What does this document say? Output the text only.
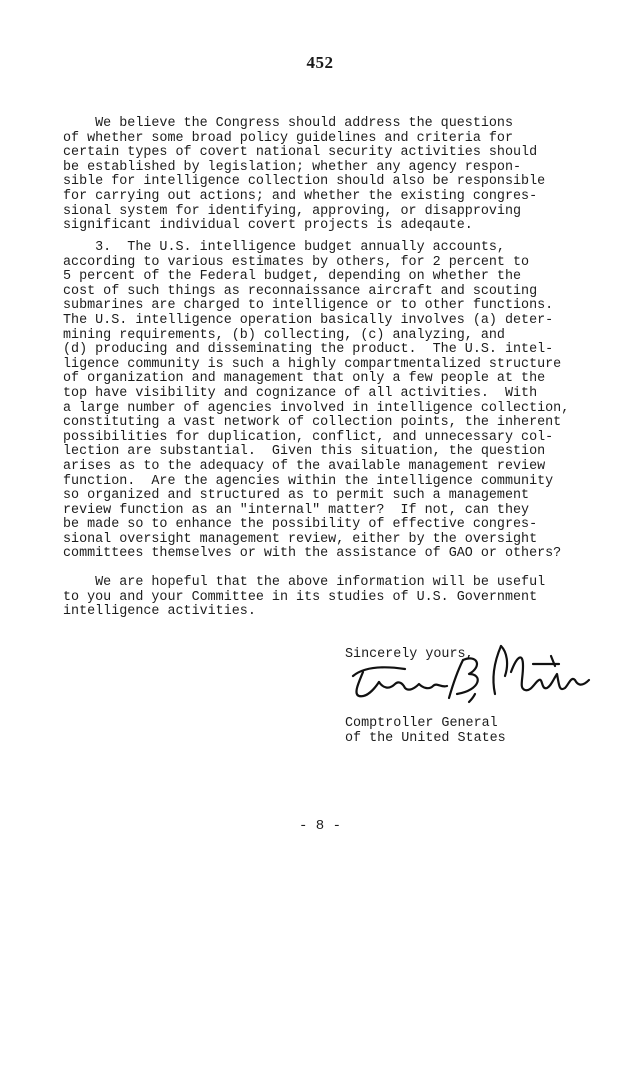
452

We believe the Congress should address the questions
of whether some broad policy guidelines and criteria for
certain types of covert national security activities should
be established by legislation; whether any agency respon-
sible for intelligence collection should also be responsible
for carrying out actions; and whether the existing congres-
sional system for identifying, approving, or disapproving
significant individual covert projects is adeqaute.

3.  The U.S. intelligence budget annually accounts,
according to various estimates by others, for 2 percent to
5 percent of the Federal budget, depending on whether the
cost of such things as reconnaissance aircraft and scouting
submarines are charged to intelligence or to other functions.
The U.S. intelligence operation basically involves (a) deter-
mining requirements, (b) collecting, (c) analyzing, and
(d) producing and disseminating the product.  The U.S. intel-
ligence community is such a highly compartmentalized structure
of organization and management that only a few people at the
top have visibility and cognizance of all activities.  With
a large number of agencies involved in intelligence collection,
constituting a vast network of collection points, the inherent
possibilities for duplication, conflict, and unnecessary col-
lection are substantial.  Given this situation, the question
arises as to the adequacy of the available management review
function.  Are the agencies within the intelligence community
so organized and structured as to permit such a management
review function as an "internal" matter?  If not, can they
be made so to enhance the possibility of effective congres-
sional oversight management review, either by the oversight
committees themselves or with the assistance of GAO or others?

We are hopeful that the above information will be useful
to you and your Committee in its studies of U.S. Government
intelligence activities.

Sincerely yours,
Comptroller General
of the United States
- 8 -
